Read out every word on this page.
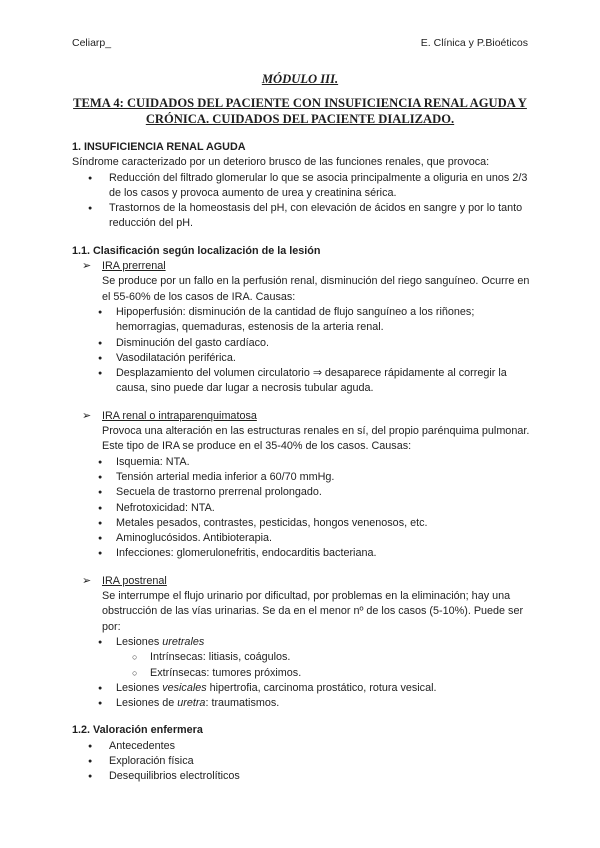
Celiarp_	E. Clínica y P.Bioéticos
MÓDULO III.
TEMA 4: CUIDADOS DEL PACIENTE CON INSUFICIENCIA RENAL AGUDA Y
CRÓNICA. CUIDADOS DEL PACIENTE DIALIZADO.
1. INSUFICIENCIA RENAL AGUDA

Síndrome caracterizado por un deterioro brusco de las funciones renales, que provoca:

● Reducción del filtrado glomerular lo que se asocia principalmente a oliguria en unos 2/3 de los casos y provoca aumento de urea y creatinina sérica.
● Trastornos de la homeostasis del pH, con elevación de ácidos en sangre y por lo tanto reducción del pH.
1.1. Clasificación según localización de la lesión
➢ IRA prerrenal

Se produce por un fallo en la perfusión renal, disminución del riego sanguíneo. Ocurre en el 55-60% de los casos de IRA. Causas:

● Hipoperfusión: disminución de la cantidad de flujo sanguíneo a los riñones; hemorragias, quemaduras, estenosis de la arteria renal.
● Disminución del gasto cardíaco.
● Vasodilatación periférica.
● Desplazamiento del volumen circulatorio ⇒ desaparece rápidamente al corregir la causa, sino puede dar lugar a necrosis tubular aguda.
➢ IRA renal o intraparenquimatosa

Provoca una alteración en las estructuras renales en sí, del propio parénquima pulmonar. Este tipo de IRA se produce en el 35-40% de los casos. Causas:

● Isquemia: NTA.
● Tensión arterial media inferior a 60/70 mmHg.
● Secuela de trastorno prerrenal prolongado.
● Nefrotoxicidad: NTA.
● Metales pesados, contrastes, pesticidas, hongos venenosos, etc.
● Aminoglucósidos. Antibioterapia.
● Infecciones: glomerulonefritis, endocarditis bacteriana.
➢ IRA postrenal

Se interrumpe el flujo urinario por dificultad, por problemas en la eliminación; hay una obstrucción de las vías urinarias. Se da en el menor nº de los casos (5-10%). Puede ser por:

● Lesiones uretrales
○ Intrínsecas: litiasis, coágulos.
○ Extrínsecas: tumores próximos.
● Lesiones vesicales hipertrofia, carcinoma prostático, rotura vesical.
● Lesiones de uretra: traumatismos.
1.2. Valoración enfermera
● Antecedentes
● Exploración física
● Desequilibrios electrolíticos
